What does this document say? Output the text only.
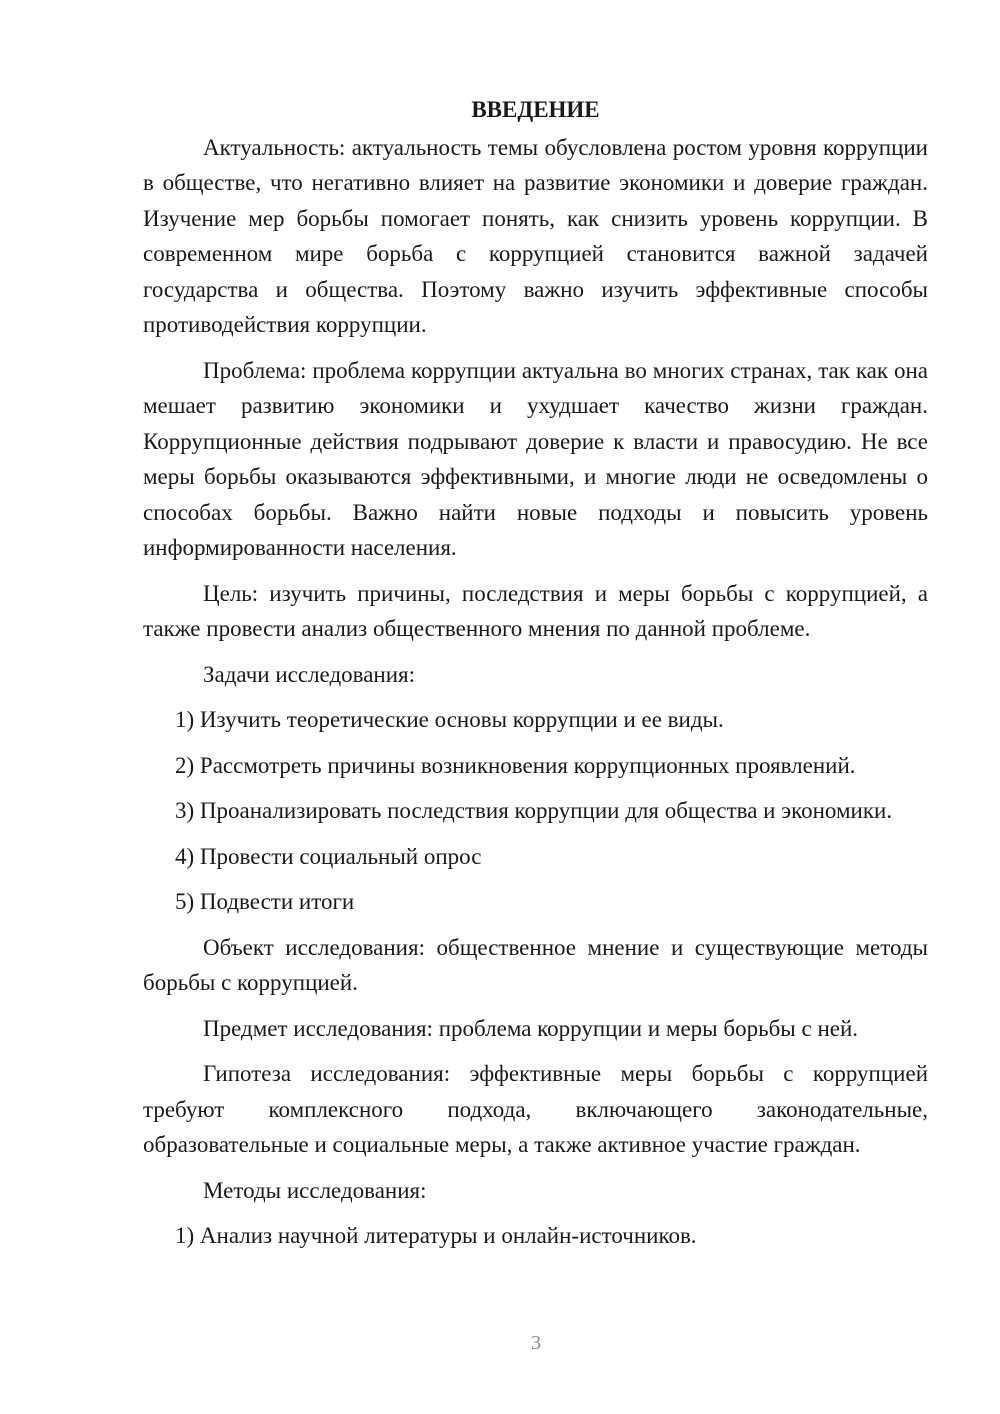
ВВЕДЕНИЕ

Актуальность: актуальность темы обусловлена ростом уровня коррупции в обществе, что негативно влияет на развитие экономики и доверие граждан. Изучение мер борьбы помогает понять, как снизить уровень коррупции. В современном мире борьба с коррупцией становится важной задачей государства и общества. Поэтому важно изучить эффективные способы противодействия коррупции.

Проблема: проблема коррупции актуальна во многих странах, так как она мешает развитию экономики и ухудшает качество жизни граждан. Коррупционные действия подрывают доверие к власти и правосудию. Не все меры борьбы оказываются эффективными, и многие люди не осведомлены о способах борьбы. Важно найти новые подходы и повысить уровень информированности населения.

Цель: изучить причины, последствия и меры борьбы с коррупцией, а также провести анализ общественного мнения по данной проблеме.

Задачи исследования:

1) Изучить теоретические основы коррупции и ее виды.

2) Рассмотреть причины возникновения коррупционных проявлений.

3) Проанализировать последствия коррупции для общества и экономики.

4) Провести социальный опрос

5) Подвести итоги

Объект исследования: общественное мнение и существующие методы борьбы с коррупцией.

Предмет исследования: проблема коррупции и меры борьбы с ней.

Гипотеза исследования: эффективные меры борьбы с коррупцией требуют комплексного подхода, включающего законодательные, образовательные и социальные меры, а также активное участие граждан.

Методы исследования:

1) Анализ научной литературы и онлайн-источников.

3
